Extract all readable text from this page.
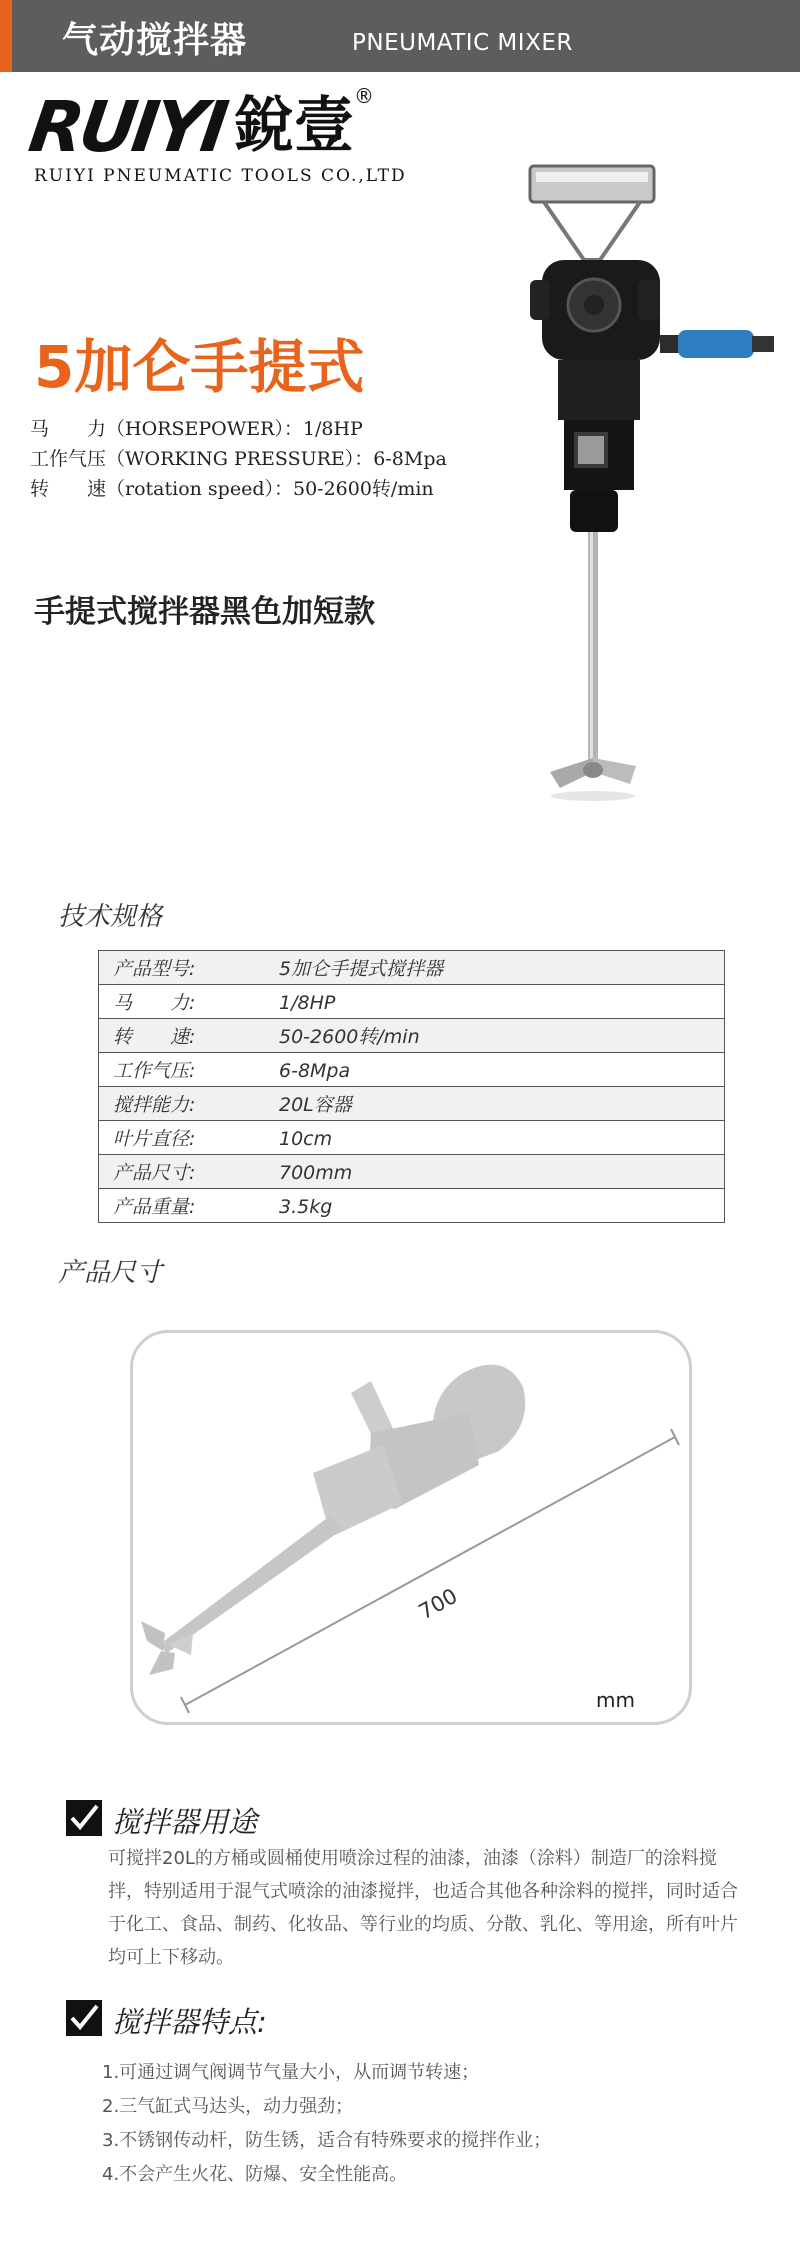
气动搅拌器	PNEUMATIC MIXER
RUIYI 銳壹 ®
RUIYI PNEUMATIC TOOLS CO.,LTD
5加仑手提式
马　　力（HORSEPOWER）：1/8HP
工作气压（WORKING PRESSURE）：6-8Mpa
转　　速（rotation speed）：50-2600转/min
手提式搅拌器黑色加短款
技术规格
产品型号:	5加仑手提式搅拌器
马　　力:	1/8HP
转　　速:	50-2600转/min
工作气压:	6-8Mpa
搅拌能力:	20L容器
叶片直径:	10cm
产品尺寸:	700mm
产品重量:	3.5kg
产品尺寸
700
mm
搅拌器用途
可搅拌20L的方桶或圆桶使用喷涂过程的油漆，油漆（涂料）制造厂的涂料搅拌，特别适用于混气式喷涂的油漆搅拌，也适合其他各种涂料的搅拌，同时适合于化工、食品、制药、化妆品、等行业的均质、分散、乳化、等用途，所有叶片均可上下移动。
搅拌器特点:
1.可通过调气阀调节气量大小，从而调节转速；
2.三气缸式马达头，动力强劲；
3.不锈钢传动杆，防生锈，适合有特殊要求的搅拌作业；
4.不会产生火花、防爆、安全性能高。
